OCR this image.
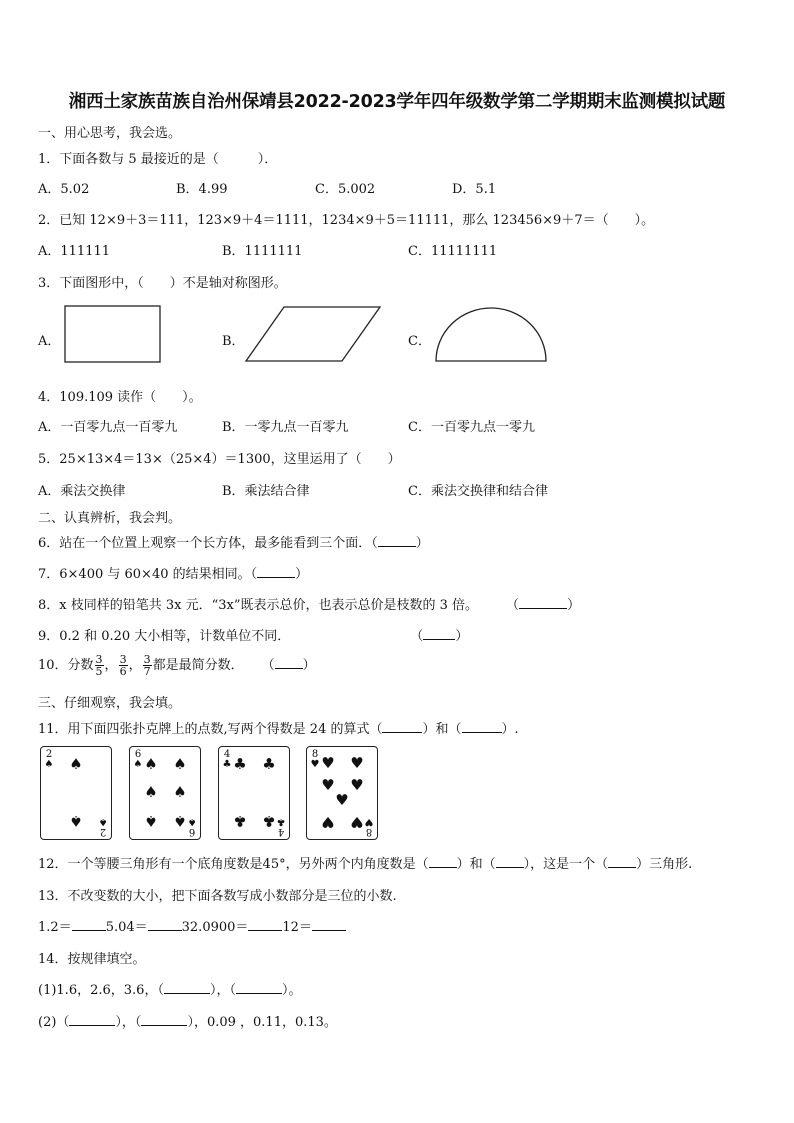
湘西土家族苗族自治州保靖县2022-2023学年四年级数学第二学期期末监测模拟试题
一、用心思考，我会选。
1．下面各数与 5 最接近的是（　　　）．
A．5.02	B．4.99	C．5.002	D．5.1
2．已知 12×9＋3＝111，123×9＋4＝1111，1234×9＋5＝11111，那么 123456×9＋7＝（　　）。
A．111111	B．1111111	C．11111111
3．下面图形中，（　　）不是轴对称图形。
A．	B．	C．
4．109.109 读作（　　）。
A．一百零九点一百零九	B．一零九点一百零九	C．一百零九点一零九
5．25×13×4＝13×（25×4）＝1300，这里运用了（　　）
A．乘法交换律	B．乘法结合律	C．乘法交换律和结合律
二、认真辨析，我会判。
6．站在一个位置上观察一个长方体，最多能看到三个面．（	）
7．6×400 与 60×40 的结果相同。（	）
8．x 枝同样的铅笔共 3x 元．“3x”既表示总价，也表示总价是枝数的 3 倍。 （	）
9．0.2 和 0.20 大小相等，计数单位不同．	（ ）
10．分数 $\frac{3}{5}$ ， $\frac{3}{6}$ ， $\frac{3}{7}$ 都是最简分数． （ ）
三、仔细观察，我会填。
11．用下面四张扑克牌上的点数,写两个得数是 24 的算式（	）和（	）.
2
♠ ♠
♠
2
♠
6
♠ ♠ ♠
♠ ♠
♠ ♠
6
♠
4
♣ ♣ ♣
♣ ♣
4
♣
8
♥ ♥ ♥
♥
♥
♥
♥ ♥
8
♥
12．一个等腰三角形有一个底角度数是45°，另外两个内角度数是（ ）和（ ），这是一个（ ）三角形.
13．不改变数的大小，把下面各数写成小数部分是三位的小数.
1.2＝	5.04＝	32.0900＝	12＝
14．按规律填空。
(1)1.6，2.6，3.6，（	），（	）。
(2)（	），（	），0.09 ，0.11，0.13。
